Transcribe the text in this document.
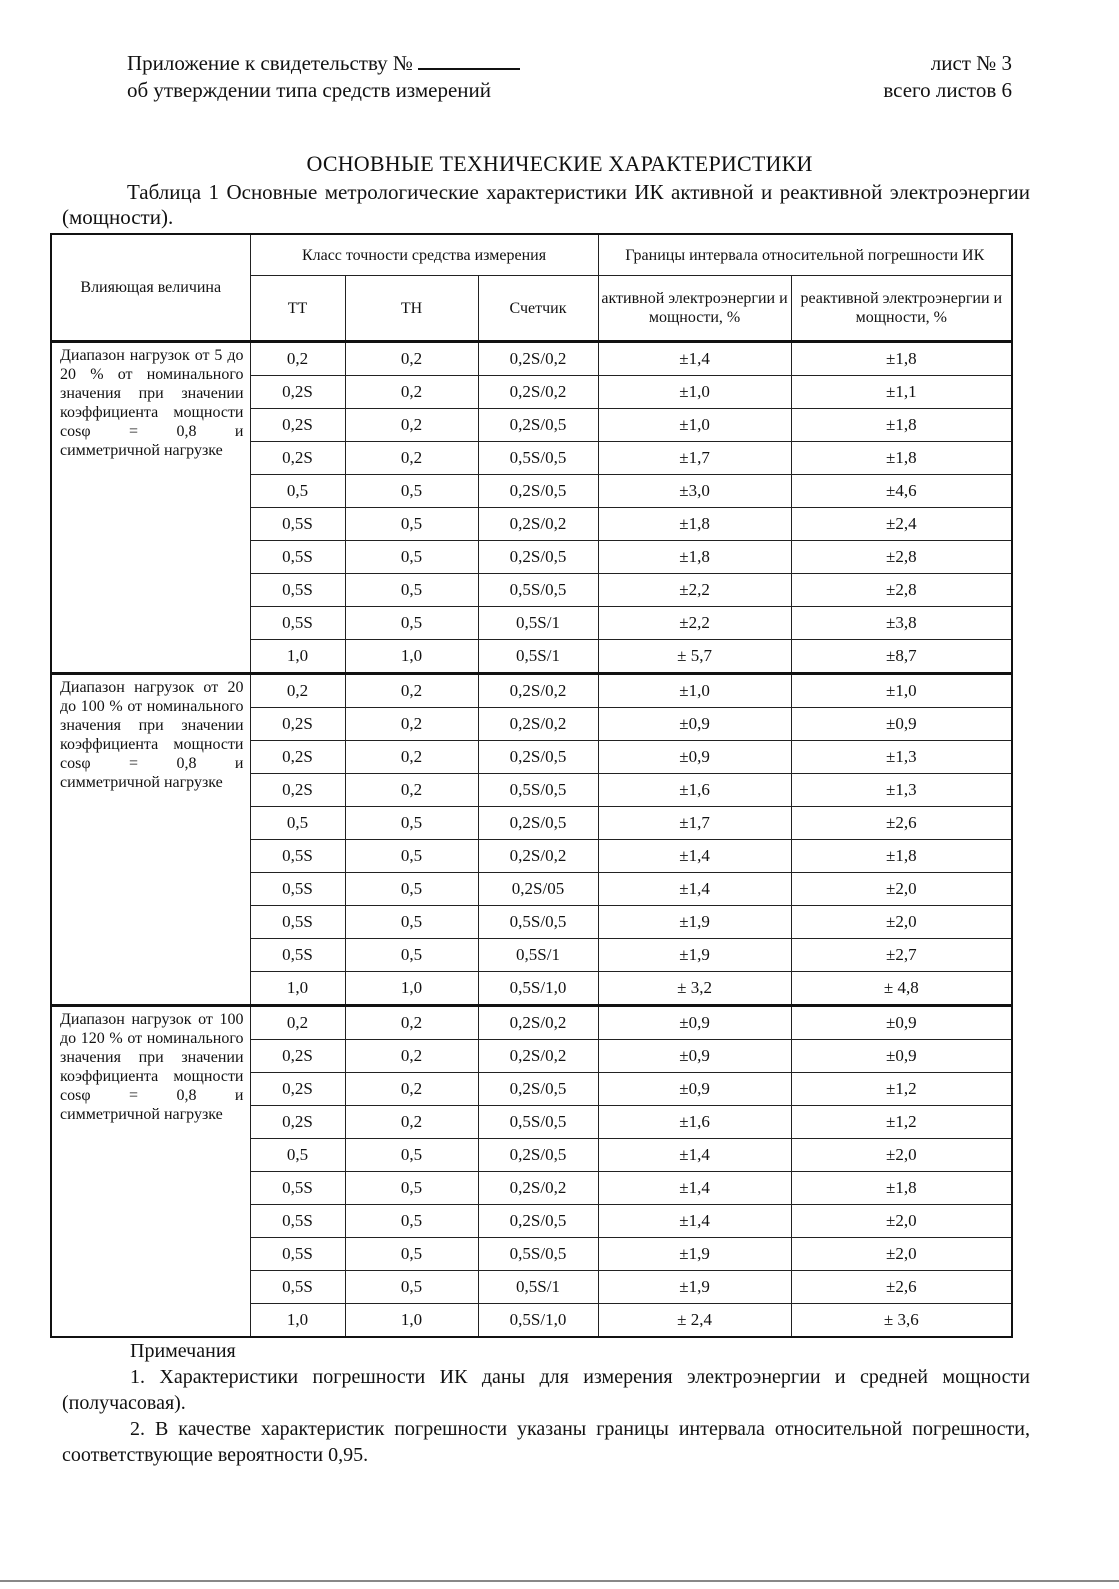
Приложение к свидетельству №
об утверждении типа средств измерений
лист № 3
всего листов 6
ОСНОВНЫЕ ТЕХНИЧЕСКИЕ ХАРАКТЕРИСТИКИ
Таблица 1 Основные метрологические характеристики ИК активной и реактивной электроэнергии (мощности).
Влияющая величина	Класс точности средства измерения			Границы интервала относительной погрешности ИК	
	ТТ	ТН	Счетчик	активной электроэнергии и мощности, %	реактивной электроэнергии и мощности, %

Диапазон нагрузок от 5 до 20 % от номинального значения при значении коэффициента мощности cosφ = 0,8 и симметричной нагрузке	0,2	0,2	0,2S/0,2	±1,4	±1,8
	0,2S	0,2	0,2S/0,2	±1,0	±1,1
	0,2S	0,2	0,2S/0,5	±1,0	±1,8
	0,2S	0,2	0,5S/0,5	±1,7	±1,8
	0,5	0,5	0,2S/0,5	±3,0	±4,6
	0,5S	0,5	0,2S/0,2	±1,8	±2,4
	0,5S	0,5	0,2S/0,5	±1,8	±2,8
	0,5S	0,5	0,5S/0,5	±2,2	±2,8
	0,5S	0,5	0,5S/1	±2,2	±3,8
	1,0	1,0	0,5S/1	± 5,7	±8,7

Диапазон нагрузок от 20 до 100 % от номинального значения при значении коэффициента мощности cosφ = 0,8 и симметричной нагрузке	0,2	0,2	0,2S/0,2	±1,0	±1,0
	0,2S	0,2	0,2S/0,2	±0,9	±0,9
	0,2S	0,2	0,2S/0,5	±0,9	±1,3
	0,2S	0,2	0,5S/0,5	±1,6	±1,3
	0,5	0,5	0,2S/0,5	±1,7	±2,6
	0,5S	0,5	0,2S/0,2	±1,4	±1,8
	0,5S	0,5	0,2S/05	±1,4	±2,0
	0,5S	0,5	0,5S/0,5	±1,9	±2,0
	0,5S	0,5	0,5S/1	±1,9	±2,7
	1,0	1,0	0,5S/1,0	± 3,2	± 4,8

Диапазон нагрузок от 100 до 120 % от номинального значения при значении коэффициента мощности cosφ = 0,8 и симметричной нагрузке	0,2	0,2	0,2S/0,2	±0,9	±0,9
	0,2S	0,2	0,2S/0,2	±0,9	±0,9
	0,2S	0,2	0,2S/0,5	±0,9	±1,2
	0,2S	0,2	0,5S/0,5	±1,6	±1,2
	0,5	0,5	0,2S/0,5	±1,4	±2,0
	0,5S	0,5	0,2S/0,2	±1,4	±1,8
	0,5S	0,5	0,2S/0,5	±1,4	±2,0
	0,5S	0,5	0,5S/0,5	±1,9	±2,0
	0,5S	0,5	0,5S/1	±1,9	±2,6
	1,0	1,0	0,5S/1,0	± 2,4	± 3,6
Примечания

1. Характеристики погрешности ИК даны для измерения электроэнергии и средней мощности (получасовая).

2. В качестве характеристик погрешности указаны границы интервала относительной погрешности, соответствующие вероятности 0,95.
